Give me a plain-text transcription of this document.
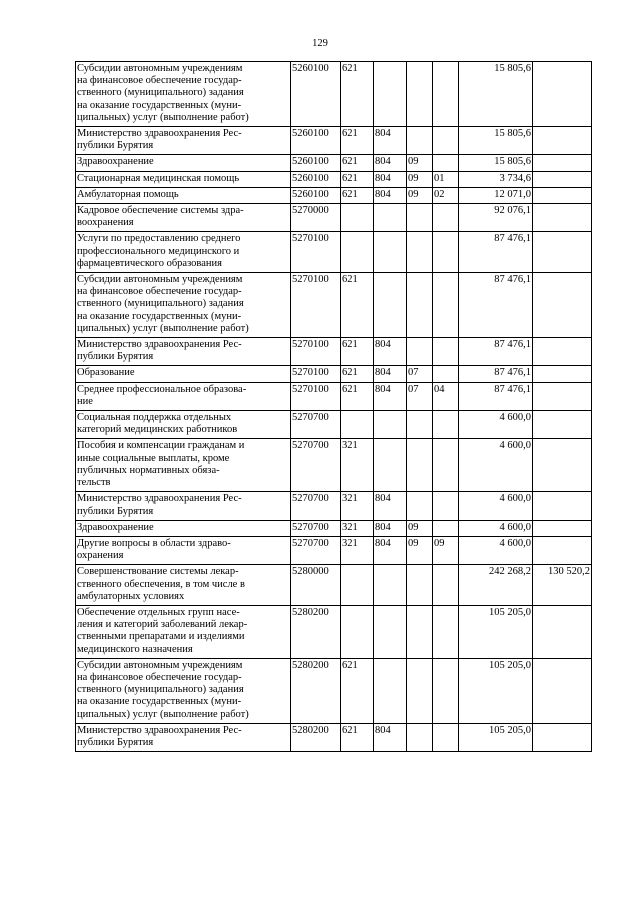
129
Субсидии автономным учреждениям
на финансовое обеспечение государ-
ственного (муниципального) задания
на оказание государственных (муни-
ципальных) услуг (выполнение работ)	5260100	621				15 805,6	
Министерство здравоохранения Рес-
публики Бурятия	5260100	621	804			15 805,6	
Здравоохранение	5260100	621	804	09		15 805,6	
Стационарная медицинская помощь	5260100	621	804	09	01	3 734,6	
Амбулаторная помощь	5260100	621	804	09	02	12 071,0	
Кадровое обеспечение системы здра-
воохранения	5270000					92 076,1	
Услуги по предоставлению среднего
профессионального медицинского и
фармацевтического образования	5270100					87 476,1	
Субсидии автономным учреждениям
на финансовое обеспечение государ-
ственного (муниципального) задания
на оказание государственных (муни-
ципальных) услуг (выполнение работ)	5270100	621				87 476,1	
Министерство здравоохранения Рес-
публики Бурятия	5270100	621	804			87 476,1	
Образование	5270100	621	804	07		87 476,1	
Среднее профессиональное образова-
ние	5270100	621	804	07	04	87 476,1	
Социальная поддержка отдельных
категорий медицинских работников	5270700					4 600,0	
Пособия и компенсации гражданам и
иные социальные выплаты, кроме
публичных нормативных обяза-
тельств	5270700	321				4 600,0	
Министерство здравоохранения Рес-
публики Бурятия	5270700	321	804			4 600,0	
Здравоохранение	5270700	321	804	09		4 600,0	
Другие вопросы в области здраво-
охранения	5270700	321	804	09	09	4 600,0	
Совершенствование системы лекар-
ственного обеспечения, в том числе в
амбулаторных условиях	5280000					242 268,2	130 520,2
Обеспечение отдельных групп насе-
ления и категорий заболеваний лекар-
ственными препаратами и изделиями
медицинского назначения	5280200					105 205,0	
Субсидии автономным учреждениям
на финансовое обеспечение государ-
ственного (муниципального) задания
на оказание государственных (муни-
ципальных) услуг (выполнение работ)	5280200	621				105 205,0	
Министерство здравоохранения Рес-
публики Бурятия	5280200	621	804			105 205,0	
